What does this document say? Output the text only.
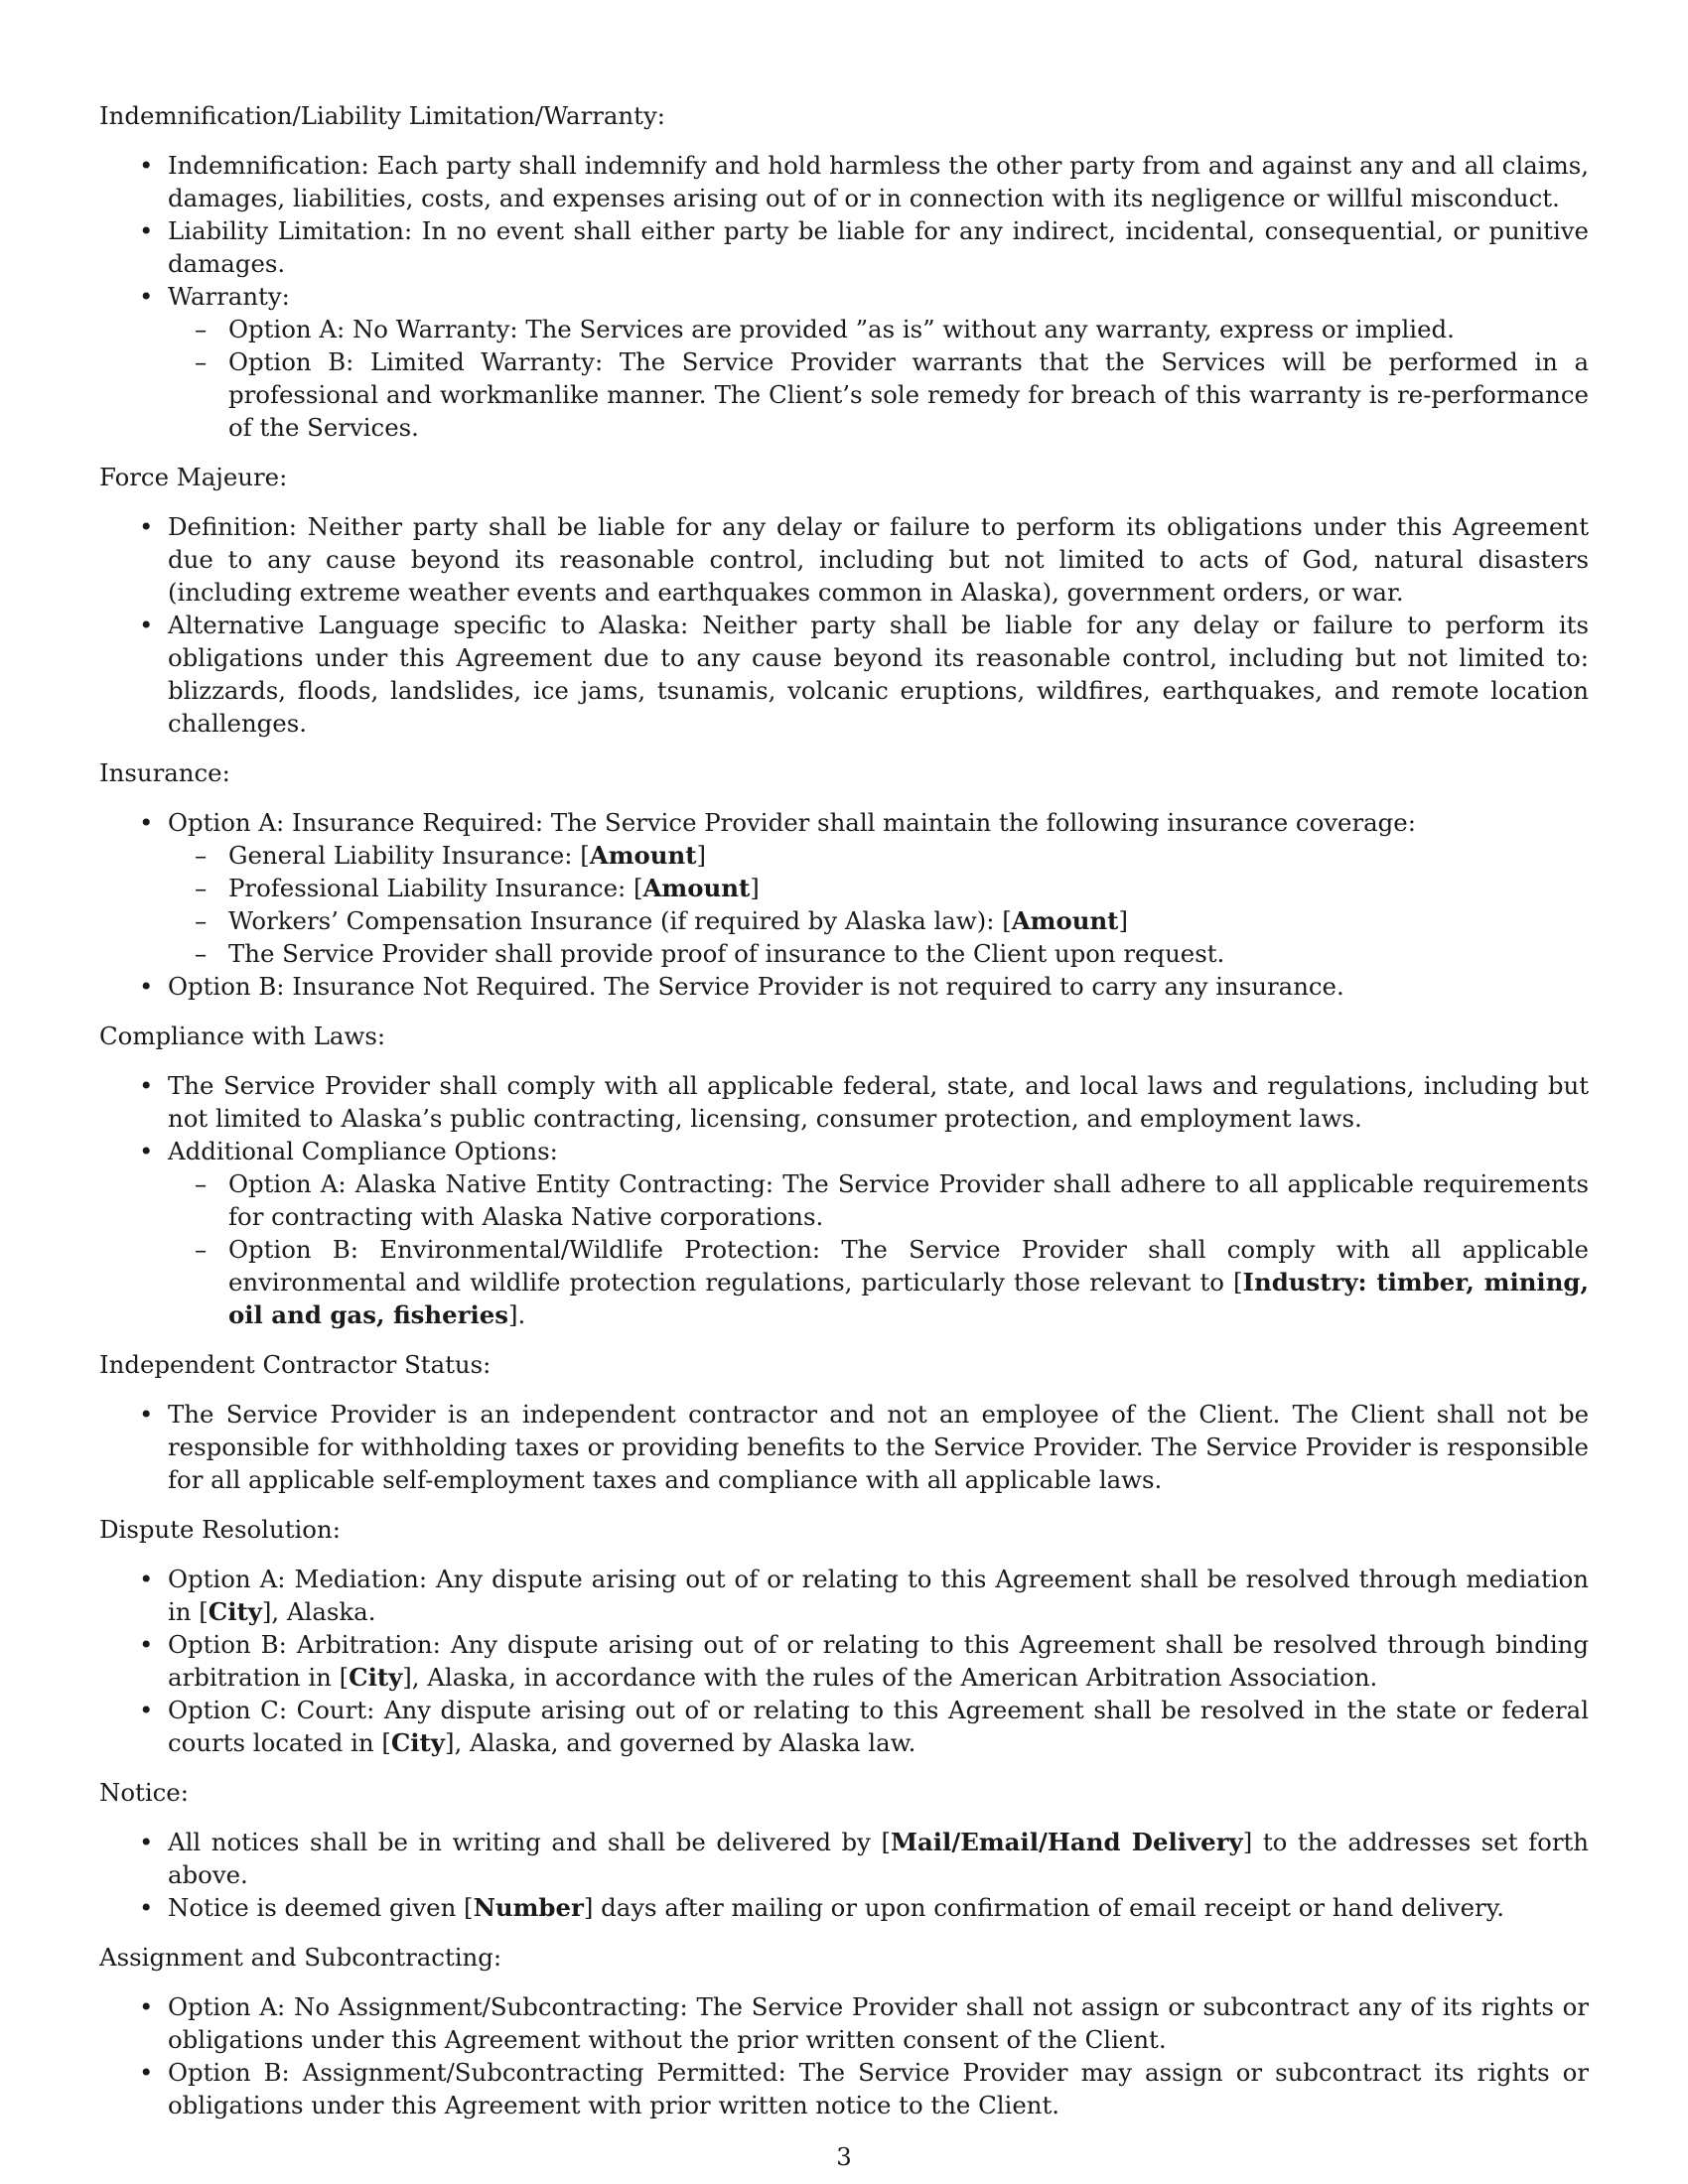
Indemnification/Liability Limitation/Warranty:

• Indemnification: Each party shall indemnify and hold harmless the other party from and against any and all claims, damages, liabilities, costs, and expenses arising out of or in connection with its negligence or willful misconduct.
• Liability Limitation: In no event shall either party be liable for any indirect, incidental, consequential, or punitive damages.
• Warranty:
– Option A: No Warranty: The Services are provided ”as is” without any warranty, express or implied.
– Option B: Limited Warranty: The Service Provider warrants that the Services will be performed in a professional and workmanlike manner. The Client’s sole remedy for breach of this warranty is re-performance of the Services.

Force Majeure:

• Definition: Neither party shall be liable for any delay or failure to perform its obligations under this Agreement due to any cause beyond its reasonable control, including but not limited to acts of God, natural disasters (including extreme weather events and earthquakes common in Alaska), government orders, or war.
• Alternative Language specific to Alaska: Neither party shall be liable for any delay or failure to perform its obligations under this Agreement due to any cause beyond its reasonable control, including but not limited to: blizzards, floods, landslides, ice jams, tsunamis, volcanic eruptions, wildfires, earthquakes, and remote location challenges.

Insurance:

• Option A: Insurance Required: The Service Provider shall maintain the following insurance coverage:
– General Liability Insurance: [Amount]
– Professional Liability Insurance: [Amount]
– Workers’ Compensation Insurance (if required by Alaska law): [Amount]
– The Service Provider shall provide proof of insurance to the Client upon request.
• Option B: Insurance Not Required. The Service Provider is not required to carry any insurance.

Compliance with Laws:

• The Service Provider shall comply with all applicable federal, state, and local laws and regulations, including but not limited to Alaska’s public contracting, licensing, consumer protection, and employment laws.
• Additional Compliance Options:
– Option A: Alaska Native Entity Contracting: The Service Provider shall adhere to all applicable requirements for contracting with Alaska Native corporations.
– Option B: Environmental/Wildlife Protection: The Service Provider shall comply with all applicable environmental and wildlife protection regulations, particularly those relevant to [Industry: timber, mining, oil and gas, fisheries].

Independent Contractor Status:

• The Service Provider is an independent contractor and not an employee of the Client. The Client shall not be responsible for withholding taxes or providing benefits to the Service Provider. The Service Provider is responsible for all applicable self-employment taxes and compliance with all applicable laws.

Dispute Resolution:

• Option A: Mediation: Any dispute arising out of or relating to this Agreement shall be resolved through mediation in [City], Alaska.
• Option B: Arbitration: Any dispute arising out of or relating to this Agreement shall be resolved through binding arbitration in [City], Alaska, in accordance with the rules of the American Arbitration Association.
• Option C: Court: Any dispute arising out of or relating to this Agreement shall be resolved in the state or federal courts located in [City], Alaska, and governed by Alaska law.

Notice:

• All notices shall be in writing and shall be delivered by [Mail/Email/Hand Delivery] to the addresses set forth above.
• Notice is deemed given [Number] days after mailing or upon confirmation of email receipt or hand delivery.

Assignment and Subcontracting:

• Option A: No Assignment/Subcontracting: The Service Provider shall not assign or subcontract any of its rights or obligations under this Agreement without the prior written consent of the Client.
• Option B: Assignment/Subcontracting Permitted: The Service Provider may assign or subcontract its rights or obligations under this Agreement with prior written notice to the Client.
3
